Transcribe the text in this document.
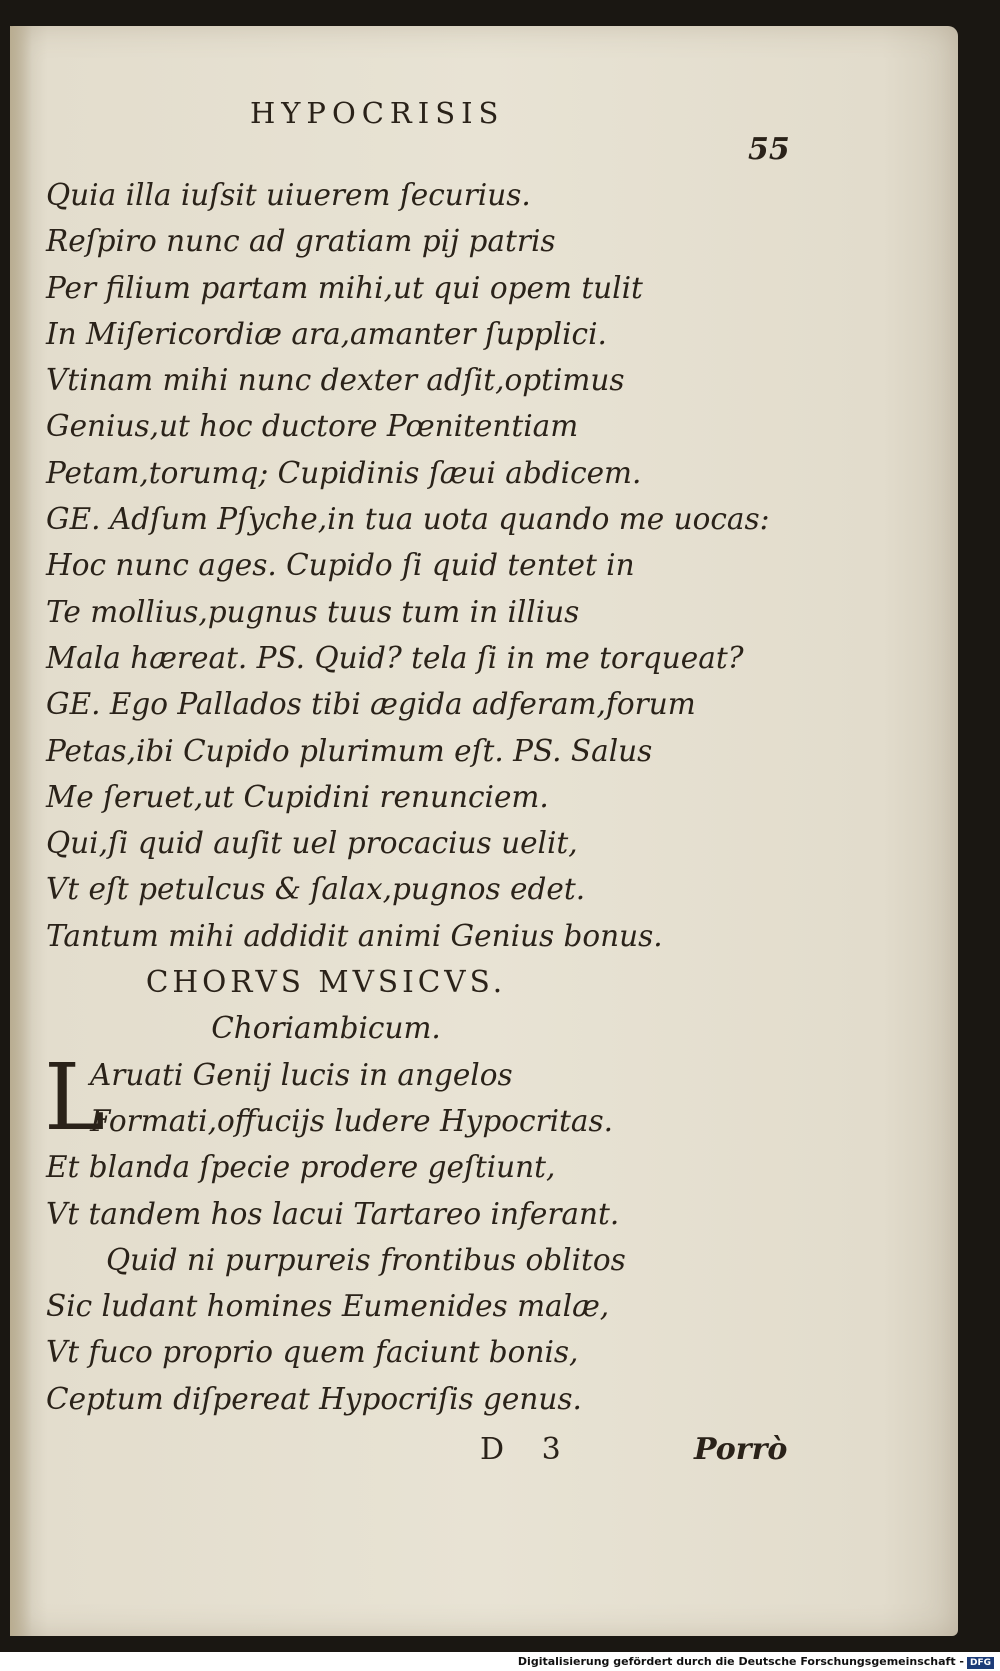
HYPOCRISIS
55
Quia illa iuſsit uiuerem ſecurius.
Reſpiro nunc ad gratiam pij patris
Per filium partam mihi,ut qui opem tulit
In Miſericordiæ ara,amanter ſupplici.
Vtinam mihi nunc dexter adſit,optimus
Genius,ut hoc ductore Pœnitentiam
Petam,torumq; Cupidinis ſæui abdicem.
GE. Adſum Pſyche,in tua uota quando me uocas:
Hoc nunc ages. Cupido ſi quid tentet in
Te mollius,pugnus tuus tum in illius
Mala hæreat. PS. Quid? tela ſi in me torqueat?
GE. Ego Pallados tibi ægida adferam,forum
Petas,ibi Cupido plurimum eſt. PS. Salus
Me ſeruet,ut Cupidini renunciem.
Qui,ſi quid auſit uel procacius uelit,
Vt eſt petulcus & ſalax,pugnos edet.
Tantum mihi addidit animi Genius bonus.
CHORVS MVSICVS.
Choriambicum.
L
Aruati Genij lucis in angelos
Formati,offucijs ludere Hypocritas.
Et blanda ſpecie prodere geſtiunt,
Vt tandem hos lacui Tartareo inferant.
Quid ni purpureis frontibus oblitos
Sic ludant homines Eumenides malæ,
Vt fuco proprio quem faciunt bonis,
Ceptum diſpereat Hypocriſis genus.
D 3	Porrò
Digitalisierung gefördert durch die Deutsche Forschungsgemeinschaft - DFG
